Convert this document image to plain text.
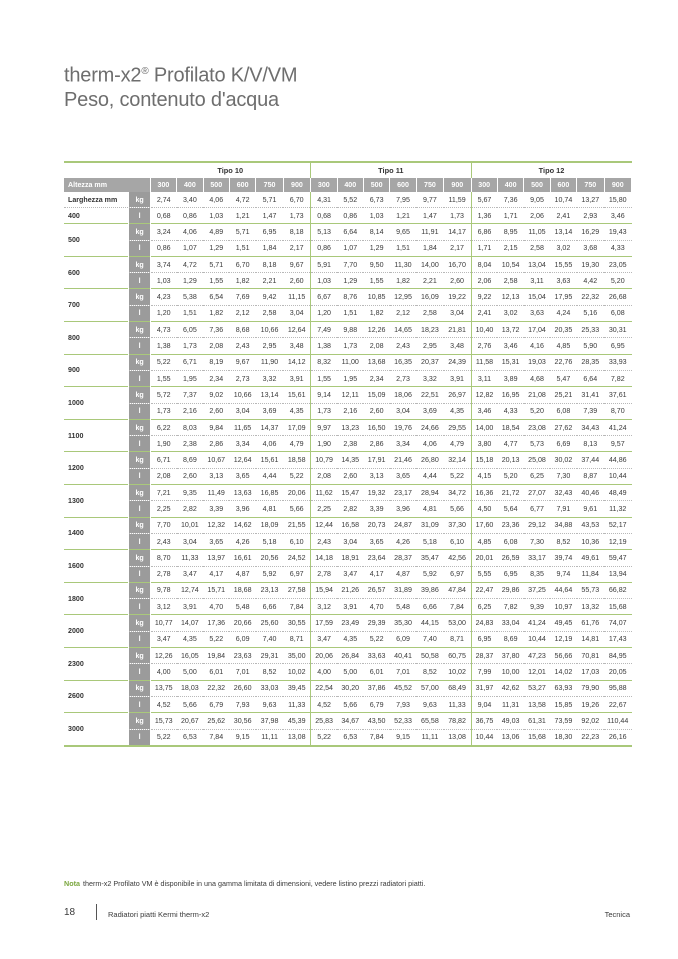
therm-x2® Profilato K/V/VM
Peso, contenuto d'acqua
		Tipo 10						Tipo 11						Tipo 12					
Altezza mm		300	400	500	600	750	900	300	400	500	600	750	900	300	400	500	600	750	900
Larghezza mm	kg	2,74	3,40	4,06	4,72	5,71	6,70	4,31	5,52	6,73	7,95	9,77	11,59	5,67	7,36	9,05	10,74	13,27	15,80
400	l	0,68	0,86	1,03	1,21	1,47	1,73	0,68	0,86	1,03	1,21	1,47	1,73	1,36	1,71	2,06	2,41	2,93	3,46
500	kg	3,24	4,06	4,89	5,71	6,95	8,18	5,13	6,64	8,14	9,65	11,91	14,17	6,86	8,95	11,05	13,14	16,29	19,43
	l	0,86	1,07	1,29	1,51	1,84	2,17	0,86	1,07	1,29	1,51	1,84	2,17	1,71	2,15	2,58	3,02	3,68	4,33
600	kg	3,74	4,72	5,71	6,70	8,18	9,67	5,91	7,70	9,50	11,30	14,00	16,70	8,04	10,54	13,04	15,55	19,30	23,05
	l	1,03	1,29	1,55	1,82	2,21	2,60	1,03	1,29	1,55	1,82	2,21	2,60	2,06	2,58	3,11	3,63	4,42	5,20
700	kg	4,23	5,38	6,54	7,69	9,42	11,15	6,67	8,76	10,85	12,95	16,09	19,22	9,22	12,13	15,04	17,95	22,32	26,68
	l	1,20	1,51	1,82	2,12	2,58	3,04	1,20	1,51	1,82	2,12	2,58	3,04	2,41	3,02	3,63	4,24	5,16	6,08
800	kg	4,73	6,05	7,36	8,68	10,66	12,64	7,49	9,88	12,26	14,65	18,23	21,81	10,40	13,72	17,04	20,35	25,33	30,31
	l	1,38	1,73	2,08	2,43	2,95	3,48	1,38	1,73	2,08	2,43	2,95	3,48	2,76	3,46	4,16	4,85	5,90	6,95
900	kg	5,22	6,71	8,19	9,67	11,90	14,12	8,32	11,00	13,68	16,35	20,37	24,39	11,58	15,31	19,03	22,76	28,35	33,93
	l	1,55	1,95	2,34	2,73	3,32	3,91	1,55	1,95	2,34	2,73	3,32	3,91	3,11	3,89	4,68	5,47	6,64	7,82
1000	kg	5,72	7,37	9,02	10,66	13,14	15,61	9,14	12,11	15,09	18,06	22,51	26,97	12,82	16,95	21,08	25,21	31,41	37,61
	l	1,73	2,16	2,60	3,04	3,69	4,35	1,73	2,16	2,60	3,04	3,69	4,35	3,46	4,33	5,20	6,08	7,39	8,70
1100	kg	6,22	8,03	9,84	11,65	14,37	17,09	9,97	13,23	16,50	19,76	24,66	29,55	14,00	18,54	23,08	27,62	34,43	41,24
	l	1,90	2,38	2,86	3,34	4,06	4,79	1,90	2,38	2,86	3,34	4,06	4,79	3,80	4,77	5,73	6,69	8,13	9,57
1200	kg	6,71	8,69	10,67	12,64	15,61	18,58	10,79	14,35	17,91	21,46	26,80	32,14	15,18	20,13	25,08	30,02	37,44	44,86
	l	2,08	2,60	3,13	3,65	4,44	5,22	2,08	2,60	3,13	3,65	4,44	5,22	4,15	5,20	6,25	7,30	8,87	10,44
1300	kg	7,21	9,35	11,49	13,63	16,85	20,06	11,62	15,47	19,32	23,17	28,94	34,72	16,36	21,72	27,07	32,43	40,46	48,49
	l	2,25	2,82	3,39	3,96	4,81	5,66	2,25	2,82	3,39	3,96	4,81	5,66	4,50	5,64	6,77	7,91	9,61	11,32
1400	kg	7,70	10,01	12,32	14,62	18,09	21,55	12,44	16,58	20,73	24,87	31,09	37,30	17,60	23,36	29,12	34,88	43,53	52,17
	l	2,43	3,04	3,65	4,26	5,18	6,10	2,43	3,04	3,65	4,26	5,18	6,10	4,85	6,08	7,30	8,52	10,36	12,19
1600	kg	8,70	11,33	13,97	16,61	20,56	24,52	14,18	18,91	23,64	28,37	35,47	42,56	20,01	26,59	33,17	39,74	49,61	59,47
	l	2,78	3,47	4,17	4,87	5,92	6,97	2,78	3,47	4,17	4,87	5,92	6,97	5,55	6,95	8,35	9,74	11,84	13,94
1800	kg	9,78	12,74	15,71	18,68	23,13	27,58	15,94	21,26	26,57	31,89	39,86	47,84	22,47	29,86	37,25	44,64	55,73	66,82
	l	3,12	3,91	4,70	5,48	6,66	7,84	3,12	3,91	4,70	5,48	6,66	7,84	6,25	7,82	9,39	10,97	13,32	15,68
2000	kg	10,77	14,07	17,36	20,66	25,60	30,55	17,59	23,49	29,39	35,30	44,15	53,00	24,83	33,04	41,24	49,45	61,76	74,07
	l	3,47	4,35	5,22	6,09	7,40	8,71	3,47	4,35	5,22	6,09	7,40	8,71	6,95	8,69	10,44	12,19	14,81	17,43
2300	kg	12,26	16,05	19,84	23,63	29,31	35,00	20,06	26,84	33,63	40,41	50,58	60,75	28,37	37,80	47,23	56,66	70,81	84,95
	l	4,00	5,00	6,01	7,01	8,52	10,02	4,00	5,00	6,01	7,01	8,52	10,02	7,99	10,00	12,01	14,02	17,03	20,05
2600	kg	13,75	18,03	22,32	26,60	33,03	39,45	22,54	30,20	37,86	45,52	57,00	68,49	31,97	42,62	53,27	63,93	79,90	95,88
	l	4,52	5,66	6,79	7,93	9,63	11,33	4,52	5,66	6,79	7,93	9,63	11,33	9,04	11,31	13,58	15,85	19,26	22,67
3000	kg	15,73	20,67	25,62	30,56	37,98	45,39	25,83	34,67	43,50	52,33	65,58	78,82	36,75	49,03	61,31	73,59	92,02	110,44
	l	5,22	6,53	7,84	9,15	11,11	13,08	5,22	6,53	7,84	9,15	11,11	13,08	10,44	13,06	15,68	18,30	22,23	26,16
Nota therm-x2 Profilato VM è disponibile in una gamma limitata di dimensioni, vedere listino prezzi radiatori piatti.
18	Radiatori piatti Kermi therm-x2	Tecnica
